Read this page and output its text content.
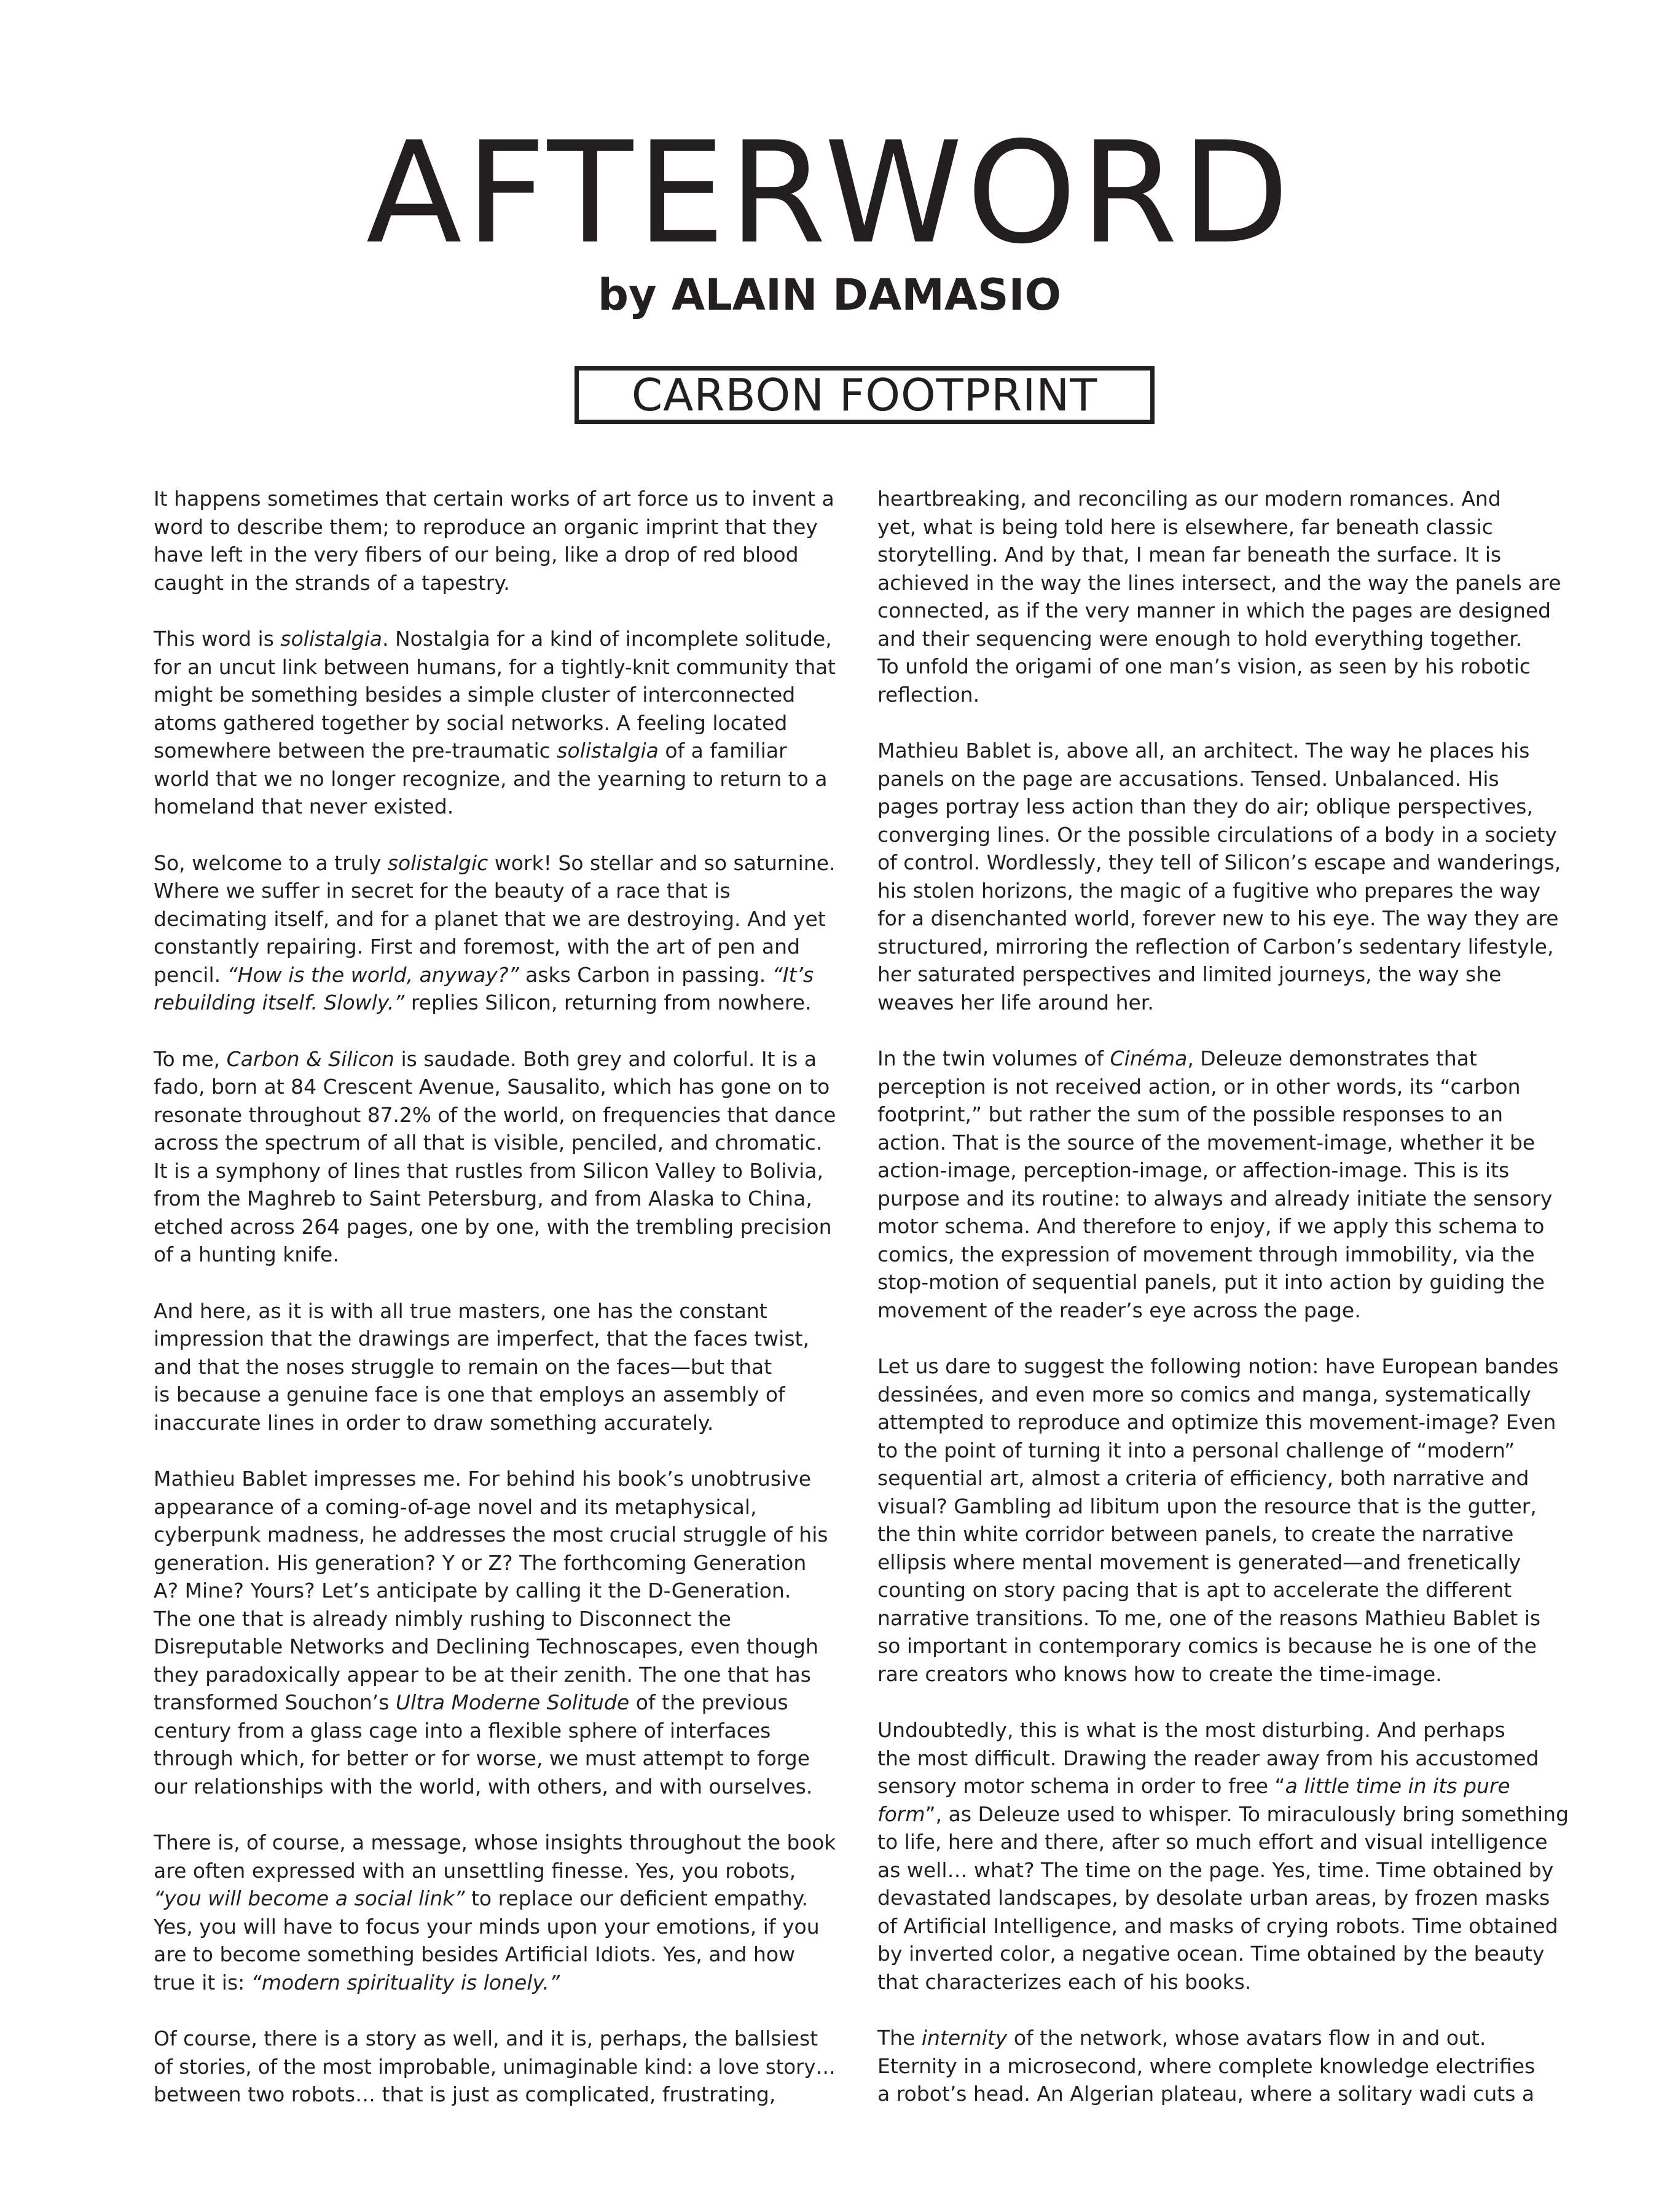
AFTERWORD
by ALAIN DAMASIO
CARBON FOOTPRINT

It happens sometimes that certain works of art force us to invent a
word to describe them; to reproduce an organic imprint that they
have left in the very fibers of our being, like a drop of red blood
caught in the strands of a tapestry.

This word is solistalgia. Nostalgia for a kind of incomplete solitude,
for an uncut link between humans, for a tightly-knit community that
might be something besides a simple cluster of interconnected
atoms gathered together by social networks. A feeling located
somewhere between the pre-traumatic solistalgia of a familiar
world that we no longer recognize, and the yearning to return to a
homeland that never existed.

So, welcome to a truly solistalgic work! So stellar and so saturnine.
Where we suffer in secret for the beauty of a race that is
decimating itself, and for a planet that we are destroying. And yet
constantly repairing. First and foremost, with the art of pen and
pencil. “How is the world, anyway?” asks Carbon in passing. “It’s
rebuilding itself. Slowly.” replies Silicon, returning from nowhere.

To me, Carbon & Silicon is saudade. Both grey and colorful. It is a
fado, born at 84 Crescent Avenue, Sausalito, which has gone on to
resonate throughout 87.2% of the world, on frequencies that dance
across the spectrum of all that is visible, penciled, and chromatic.
It is a symphony of lines that rustles from Silicon Valley to Bolivia,
from the Maghreb to Saint Petersburg, and from Alaska to China,
etched across 264 pages, one by one, with the trembling precision
of a hunting knife.

And here, as it is with all true masters, one has the constant
impression that the drawings are imperfect, that the faces twist,
and that the noses struggle to remain on the faces—but that
is because a genuine face is one that employs an assembly of
inaccurate lines in order to draw something accurately.

Mathieu Bablet impresses me. For behind his book’s unobtrusive
appearance of a coming-of-age novel and its metaphysical,
cyberpunk madness, he addresses the most crucial struggle of his
generation. His generation? Y or Z? The forthcoming Generation
A? Mine? Yours? Let’s anticipate by calling it the D-Generation.
The one that is already nimbly rushing to Disconnect the
Disreputable Networks and Declining Technoscapes, even though
they paradoxically appear to be at their zenith. The one that has
transformed Souchon’s Ultra Moderne Solitude of the previous
century from a glass cage into a flexible sphere of interfaces
through which, for better or for worse, we must attempt to forge
our relationships with the world, with others, and with ourselves.

There is, of course, a message, whose insights throughout the book
are often expressed with an unsettling finesse. Yes, you robots,
“you will become a social link” to replace our deficient empathy.
Yes, you will have to focus your minds upon your emotions, if you
are to become something besides Artificial Idiots. Yes, and how
true it is: “modern spirituality is lonely.”

Of course, there is a story as well, and it is, perhaps, the ballsiest
of stories, of the most improbable, unimaginable kind: a love story…
between two robots… that is just as complicated, frustrating,

heartbreaking, and reconciling as our modern romances. And
yet, what is being told here is elsewhere, far beneath classic
storytelling. And by that, I mean far beneath the surface. It is
achieved in the way the lines intersect, and the way the panels are
connected, as if the very manner in which the pages are designed
and their sequencing were enough to hold everything together.
To unfold the origami of one man’s vision, as seen by his robotic
reflection.

Mathieu Bablet is, above all, an architect. The way he places his
panels on the page are accusations. Tensed. Unbalanced. His
pages portray less action than they do air; oblique perspectives,
converging lines. Or the possible circulations of a body in a society
of control. Wordlessly, they tell of Silicon’s escape and wanderings,
his stolen horizons, the magic of a fugitive who prepares the way
for a disenchanted world, forever new to his eye. The way they are
structured, mirroring the reflection of Carbon’s sedentary lifestyle,
her saturated perspectives and limited journeys, the way she
weaves her life around her.

In the twin volumes of Cinéma, Deleuze demonstrates that
perception is not received action, or in other words, its “carbon
footprint,” but rather the sum of the possible responses to an
action. That is the source of the movement-image, whether it be
action-image, perception-image, or affection-image. This is its
purpose and its routine: to always and already initiate the sensory
motor schema. And therefore to enjoy, if we apply this schema to
comics, the expression of movement through immobility, via the
stop-motion of sequential panels, put it into action by guiding the
movement of the reader’s eye across the page.

Let us dare to suggest the following notion: have European bandes
dessinées, and even more so comics and manga, systematically
attempted to reproduce and optimize this movement-image? Even
to the point of turning it into a personal challenge of “modern”
sequential art, almost a criteria of efficiency, both narrative and
visual? Gambling ad libitum upon the resource that is the gutter,
the thin white corridor between panels, to create the narrative
ellipsis where mental movement is generated—and frenetically
counting on story pacing that is apt to accelerate the different
narrative transitions. To me, one of the reasons Mathieu Bablet is
so important in contemporary comics is because he is one of the
rare creators who knows how to create the time-image.

Undoubtedly, this is what is the most disturbing. And perhaps
the most difficult. Drawing the reader away from his accustomed
sensory motor schema in order to free “a little time in its pure
form”, as Deleuze used to whisper. To miraculously bring something
to life, here and there, after so much effort and visual intelligence
as well… what? The time on the page. Yes, time. Time obtained by
devastated landscapes, by desolate urban areas, by frozen masks
of Artificial Intelligence, and masks of crying robots. Time obtained
by inverted color, a negative ocean. Time obtained by the beauty
that characterizes each of his books.

The internity of the network, whose avatars flow in and out.
Eternity in a microsecond, where complete knowledge electrifies
a robot’s head. An Algerian plateau, where a solitary wadi cuts a
